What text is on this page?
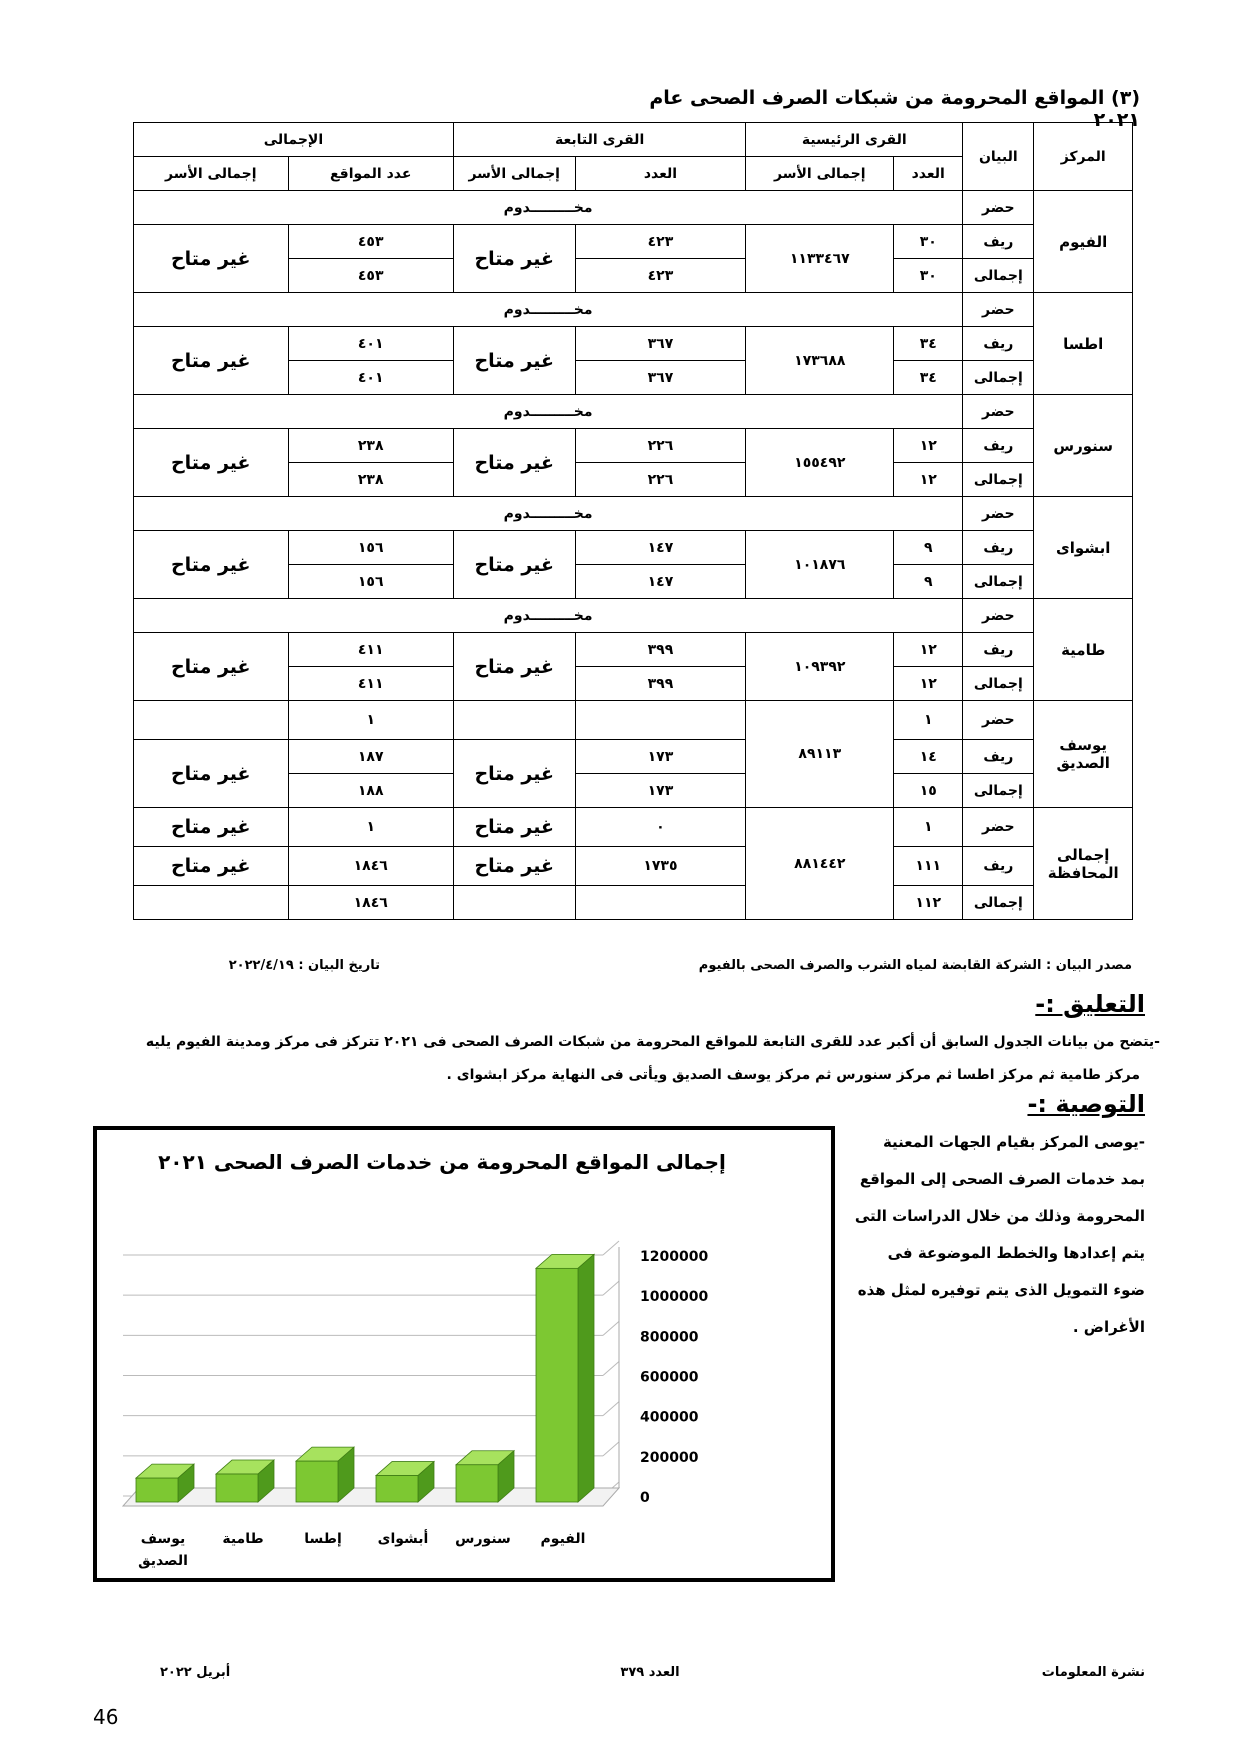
(٣) المواقع المحرومة من شبكات الصرف الصحى عام ٢٠٢١
المركز	البيان	القرى الرئيسية		القرى التابعة		الإجمالى	
		العدد	إجمالى الأسر	العدد	إجمالى الأسر	عدد المواقع	إجمالى الأسر
الفيوم	حضر	مخـــــــــدوم					
	ريف	٣٠	١١٣٣٤٦٧	٤٢٣	غير متاح	٤٥٣	غير متاح
	إجمالى	٣٠		٤٢٣		٤٥٣	
اطسا	حضر	مخـــــــــدوم					
	ريف	٣٤	١٧٣٦٨٨	٣٦٧	غير متاح	٤٠١	غير متاح
	إجمالى	٣٤		٣٦٧		٤٠١	
سنورس	حضر	مخـــــــــدوم					
	ريف	١٢	١٥٥٤٩٢	٢٢٦	غير متاح	٢٣٨	غير متاح
	إجمالى	١٢		٢٢٦		٢٣٨	
ابشواى	حضر	مخـــــــــدوم					
	ريف	٩	١٠١٨٧٦	١٤٧	غير متاح	١٥٦	غير متاح
	إجمالى	٩		١٤٧		١٥٦	
طامية	حضر	مخـــــــــدوم					
	ريف	١٢	١٠٩٣٩٢	٣٩٩	غير متاح	٤١١	غير متاح
	إجمالى	١٢		٣٩٩		٤١١	
يوسف
الصديق	حضر	١	٨٩١١٣			١	
	ريف	١٤		١٧٣	غير متاح	١٨٧	غير متاح
	إجمالى	١٥		١٧٣		١٨٨	
إجمالى
المحافظة	حضر	١	٨٨١٤٤٢	٠	غير متاح	١	غير متاح
	ريف	١١١		١٧٣٥	غير متاح	١٨٤٦	غير متاح
	إجمالى	١١٢				١٨٤٦	
مصدر البيان : الشركة القابضة لمياه الشرب والصرف الصحى بالفيوم
تاريخ البيان : ٢٠٢٢/٤/١٩
التعليق :-
-يتضح من بيانات الجدول السابق أن أكبر عدد للقرى التابعة للمواقع المحرومة من شبكات الصرف الصحى فى ٢٠٢١ تتركز فى مركز ومدينة الفيوم يليه
مركز طامية ثم مركز اطسا ثم مركز سنورس ثم مركز يوسف الصديق ويأتى فى النهاية مركز ابشواى .
التوصية :-
-يوصى المركز بقيام الجهات المعنية
بمد خدمات الصرف الصحى إلى المواقع
المحرومة وذلك من خلال الدراسات التى
يتم إعدادها والخطط الموضوعة فى
ضوء التمويل الذى يتم توفيره لمثل هذه
الأغراض .
إجمالى المواقع المحرومة من خدمات الصرف الصحى ٢٠٢١
0
200000
400000
600000
800000
1000000
1200000
الفيوم
سنورس
أبشواى
إطسا
طامية
يوسف
الصديق
أبريل ٢٠٢٢	العدد ٣٧٩	نشرة المعلومات
46
